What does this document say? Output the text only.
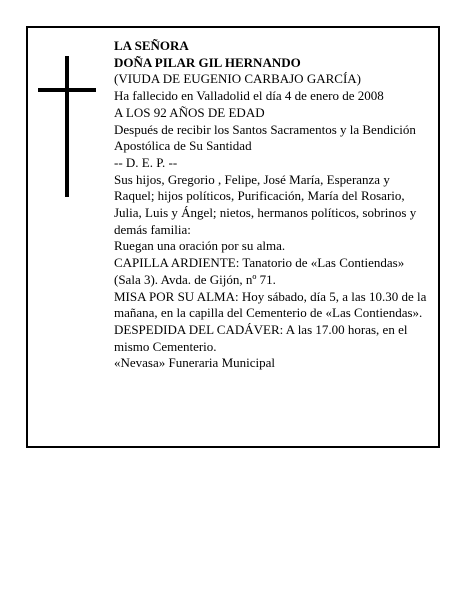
LA SEÑORA
DOÑA PILAR GIL HERNANDO
(VIUDA DE EUGENIO CARBAJO GARCÍA)
Ha fallecido en Valladolid el día 4 de enero de 2008
A LOS 92 AÑOS DE EDAD
Después de recibir los Santos Sacramentos y la Bendición Apostólica de Su Santidad
-- D. E. P. --
Sus hijos, Gregorio , Felipe, José María, Esperanza y Raquel; hijos políticos, Purificación, María del Rosario, Julia, Luis y Ángel; nietos, hermanos políticos, sobrinos y demás familia:
Ruegan una oración por su alma.
CAPILLA ARDIENTE: Tanatorio de «Las Contiendas» (Sala 3). Avda. de Gijón, nº 71.
MISA POR SU ALMA: Hoy sábado, día 5, a las 10.30 de la mañana, en la capilla del Cementerio de «Las Contiendas».
DESPEDIDA DEL CADÁVER: A las 17.00 horas, en el mismo Cementerio.
«Nevasa» Funeraria Municipal
